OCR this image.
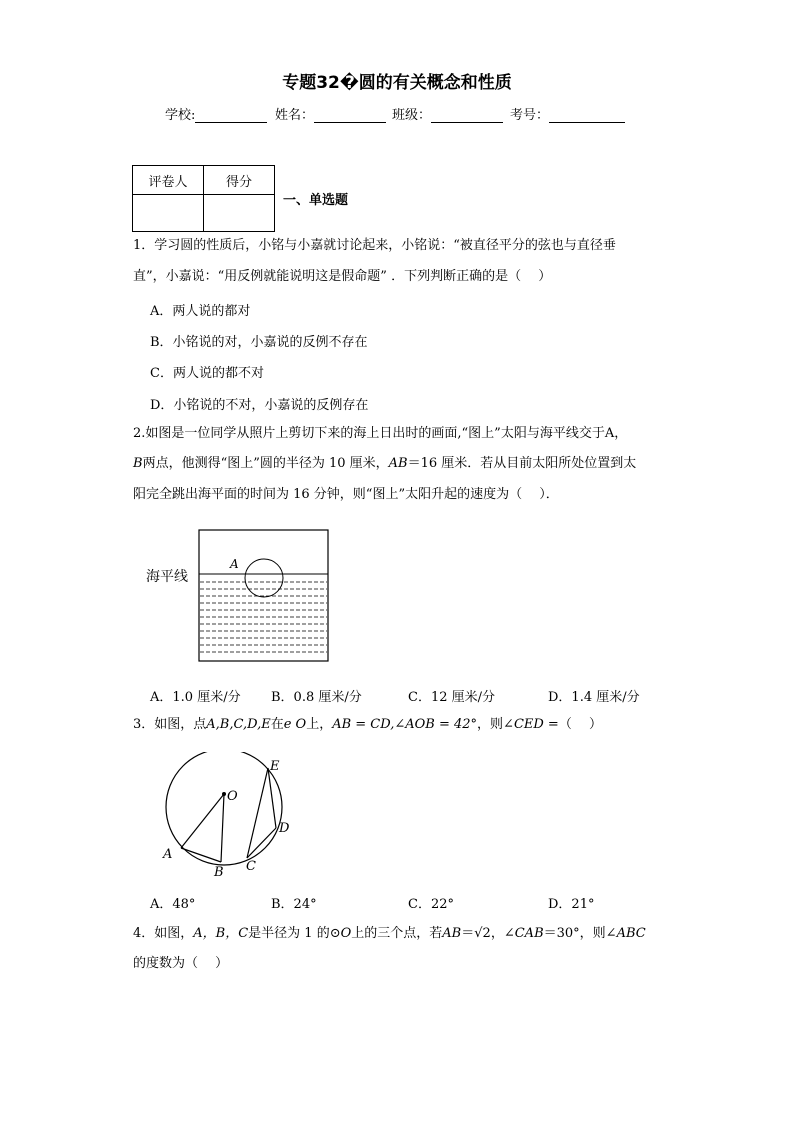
专题32�圆的有关概念和性质
学校:	姓名：	班级：	考号：
评卷人	得分

一、单选题
1．学习圆的性质后，小铭与小嘉就讨论起来，小铭说：“被直径平分的弦也与直径垂
直”，小嘉说：“用反例就能说明这是假命题” ．下列判断正确的是（　 ）
A．两人说的都对
B．小铭说的对，小嘉说的反例不存在
C．两人说的都不对
D．小铭说的不对，小嘉说的反例存在
2.如图是一位同学从照片上剪切下来的海上日出时的画面,“图上”太阳与海平线交于A，
B两点，他测得“图上”圆的半径为 10 厘米，AB＝16 厘米．若从目前太阳所处位置到太
阳完全跳出海平面的时间为 16 分钟，则“图上”太阳升起的速度为（　 ）．
海平线
A
A．1.0 厘米/分 B．0.8 厘米/分	C．12 厘米/分	D．1.4 厘米/分
3．如图，点A,B,C,D,E在e O上，AB = CD,∠AOB = 42°，则∠CED =（　 ）
O
A
B C
D
E
A．48°	B．24°	C．22°	D．21°
4．如图，A，B，C是半径为 1 的⊙O上的三个点，若AB＝√2，∠CAB＝30°，则∠ABC
的度数为（　 ）
